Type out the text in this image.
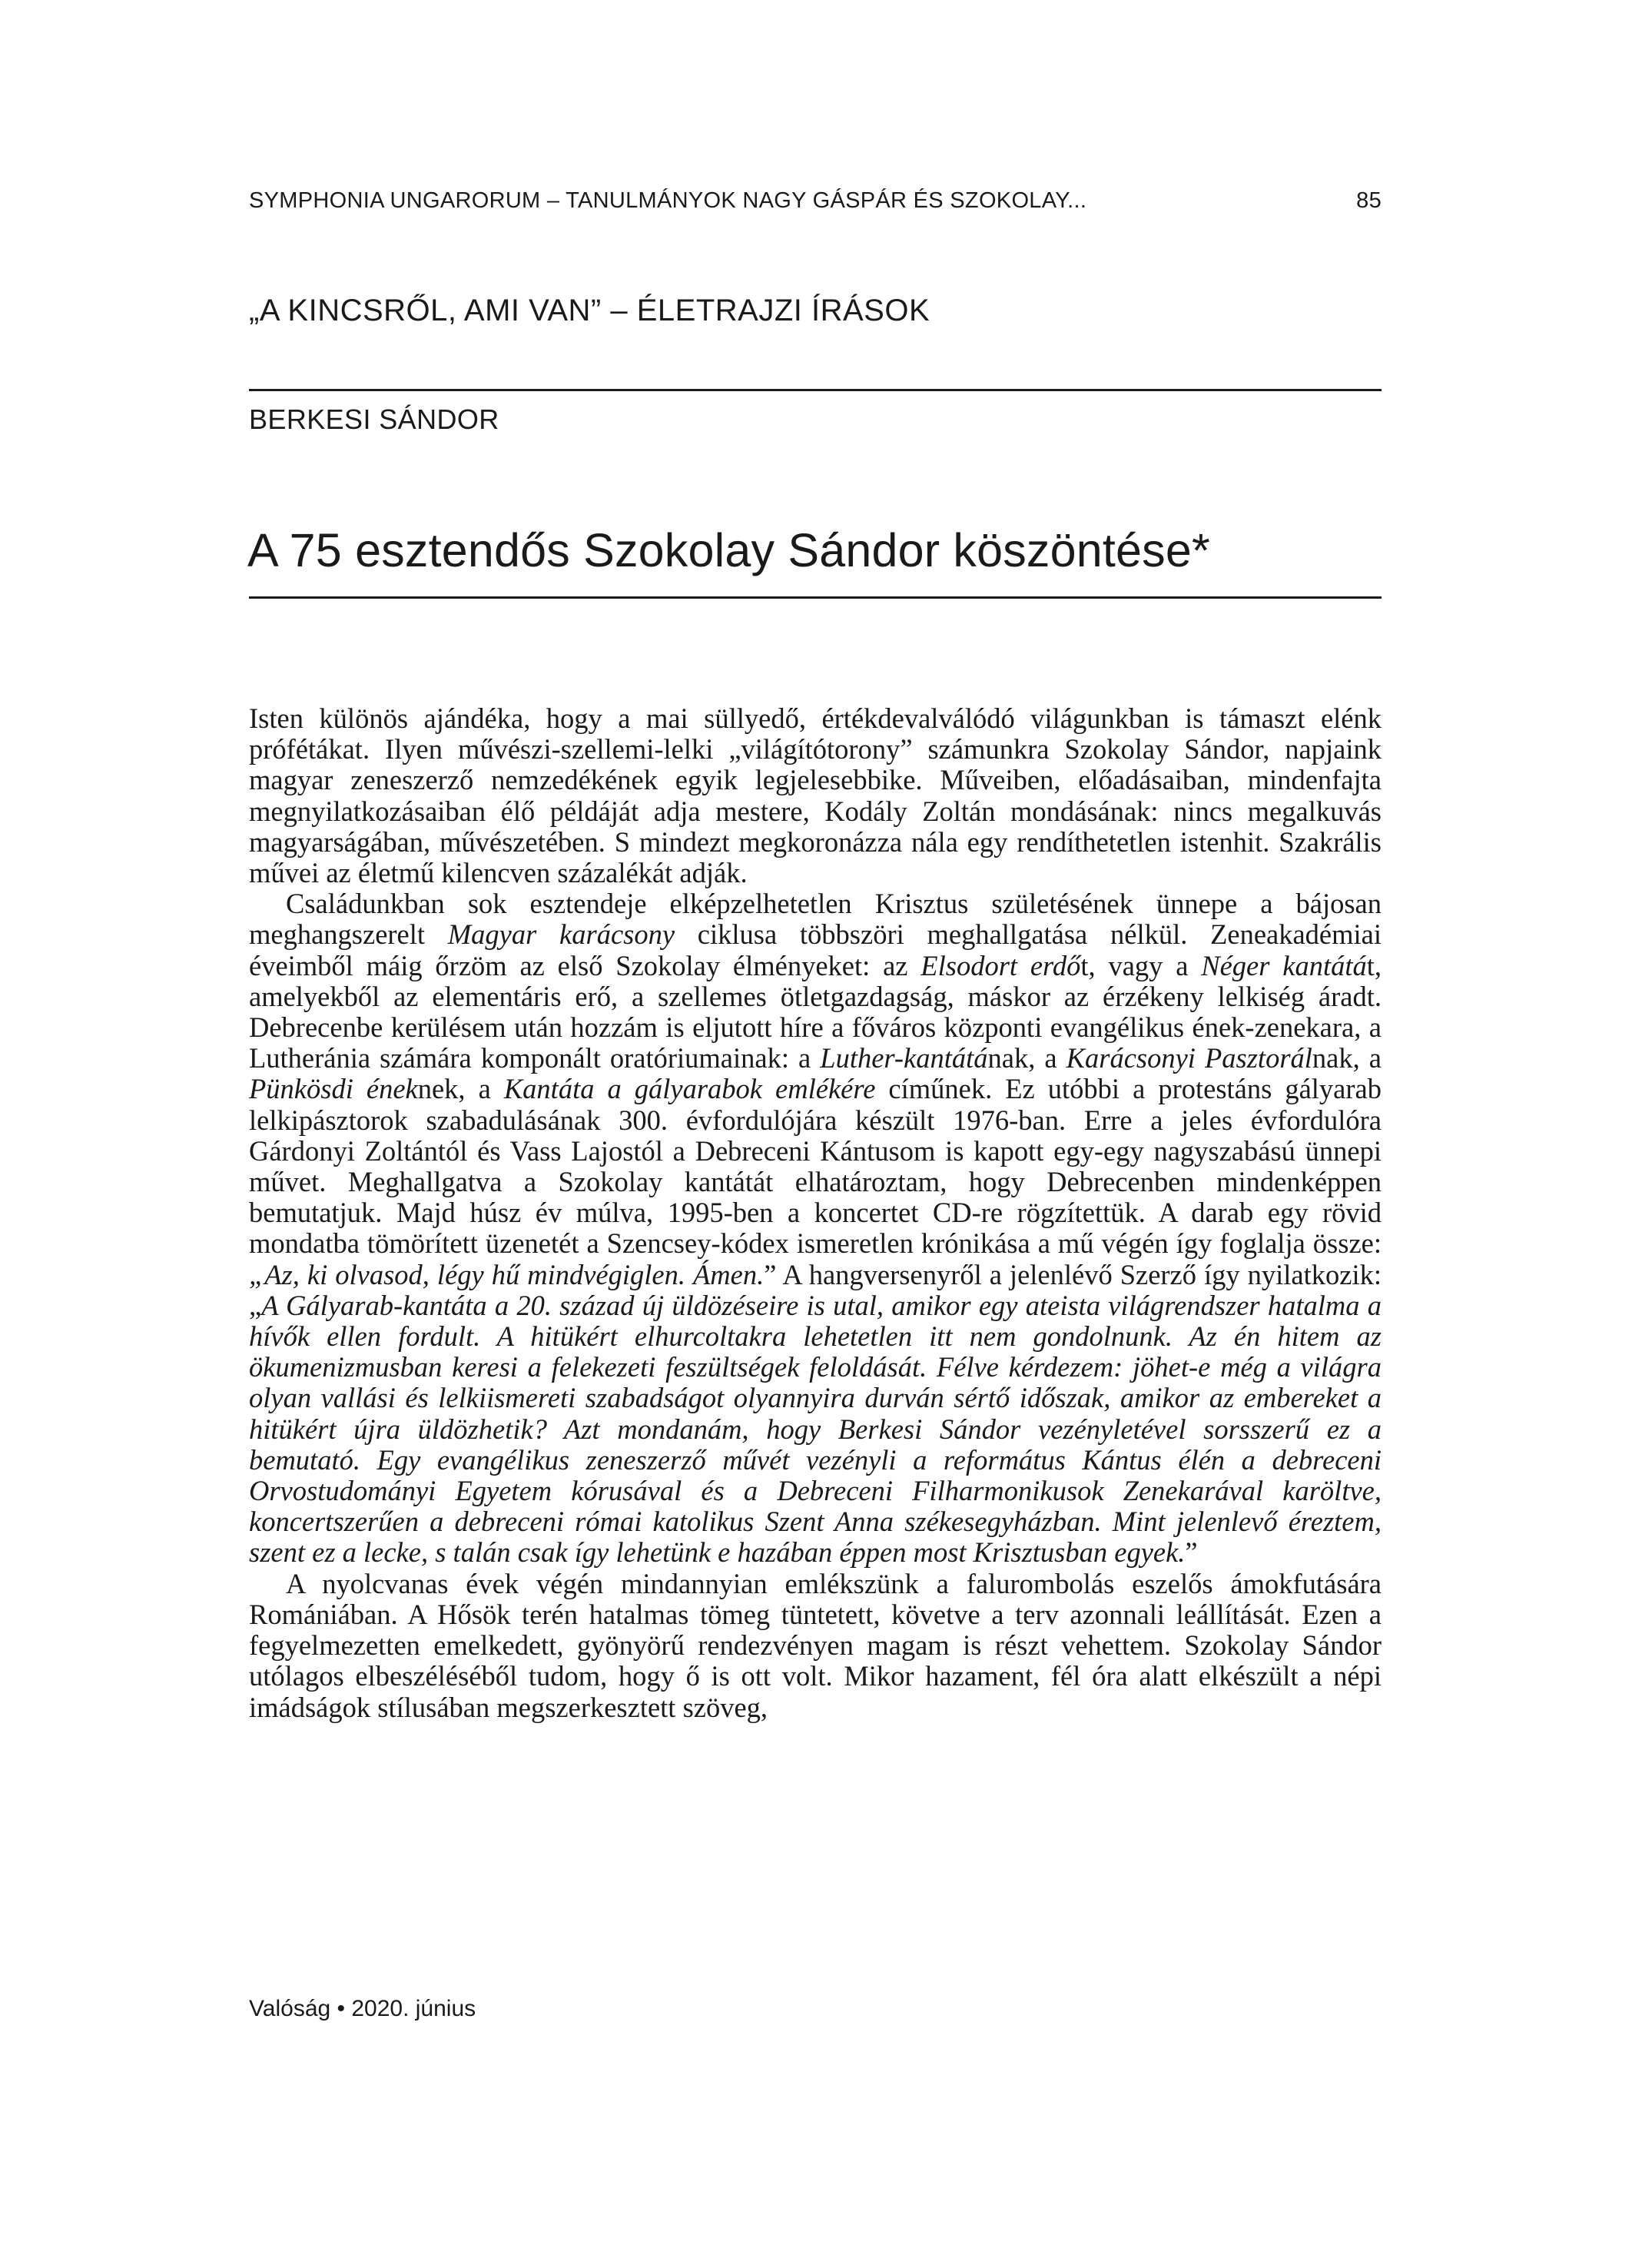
SYMPHONIA UNGARORUM – TANULMÁNYOK NAGY GÁSPÁR ÉS SZOKOLAY...	85
„A KINCSRŐL, AMI VAN” – ÉLETRAJZI ÍRÁSOK
BERKESI SÁNDOR
A 75 esztendős Szokolay Sándor köszöntése*

Isten különös ajándéka, hogy a mai süllyedő, értékdevalválódó világunkban is támaszt elénk prófétákat. Ilyen művészi-szellemi-lelki „világítótorony” számunkra Szokolay Sándor, napjaink magyar zeneszerző nemzedékének egyik legjelesebbike. Műveiben, előadásaiban, mindenfajta megnyilatkozásaiban élő példáját adja mestere, Kodály Zoltán mondásának: nincs megalkuvás magyarságában, művészetében. S mindezt megkoronázza nála egy rendíthetetlen istenhit. Szakrális művei az életmű kilencven százalékát adják.

Családunkban sok esztendeje elképzelhetetlen Krisztus születésének ünnepe a bájosan meghangszerelt Magyar karácsony ciklusa többszöri meghallgatása nélkül. Zeneakadémiai éveimből máig őrzöm az első Szokolay élményeket: az Elsodort erdőt, vagy a Néger kantátát, amelyekből az elementáris erő, a szellemes ötletgazdagság, máskor az érzékeny lelkiség áradt. Debrecenbe kerülésem után hozzám is eljutott híre a főváros központi evangélikus ének-zenekara, a Lutheránia számára komponált oratóriumainak: a Luther-kantátának, a Karácsonyi Pasztorálnak, a Pünkösdi éneknek, a Kantáta a gályarabok emlékére címűnek. Ez utóbbi a protestáns gályarab lelkipásztorok szabadulásának 300. évfordulójára készült 1976-ban. Erre a jeles évfordulóra Gárdonyi Zoltántól és Vass Lajostól a Debreceni Kántusom is kapott egy-egy nagyszabású ünnepi művet. Meghallgatva a Szokolay kantátát elhatároztam, hogy Debrecenben mindenképpen bemutatjuk. Majd húsz év múlva, 1995-ben a koncertet CD-re rögzítettük. A darab egy rövid mondatba tömörített üzenetét a Szencsey-kódex ismeretlen krónikása a mű végén így foglalja össze: „Az, ki olvasod, légy hű mindvégiglen. Ámen.” A hangversenyről a jelenlévő Szerző így nyilatkozik: „A Gályarab-kantáta a 20. század új üldözéseire is utal, amikor egy ateista világrendszer hatalma a hívők ellen fordult. A hitükért elhurcoltakra lehetetlen itt nem gondolnunk. Az én hitem az ökumenizmusban keresi a felekezeti feszültségek feloldását. Félve kérdezem: jöhet-e még a világra olyan vallási és lelkiismereti szabadságot olyannyira durván sértő időszak, amikor az embereket a hitükért újra üldözhetik? Azt mondanám, hogy Berkesi Sándor vezényletével sorsszerű ez a bemutató. Egy evangélikus zeneszerző művét vezényli a református Kántus élén a debreceni Orvostudományi Egyetem kórusával és a Debreceni Filharmonikusok Zenekarával karöltve, koncertszerűen a debreceni római katolikus Szent Anna székesegyházban. Mint jelenlevő éreztem, szent ez a lecke, s talán csak így lehetünk e hazában éppen most Krisztusban egyek.”

A nyolcvanas évek végén mindannyian emlékszünk a falurombolás eszelős ámokfutására Romániában. A Hősök terén hatalmas tömeg tüntetett, követve a terv azonnali leállítását. Ezen a fegyelmezetten emelkedett, gyönyörű rendezvényen magam is részt vehettem. Szokolay Sándor utólagos elbeszéléséből tudom, hogy ő is ott volt. Mikor hazament, fél óra alatt elkészült a népi imádságok stílusában megszerkesztett szöveg,

Valóság • 2020. június
